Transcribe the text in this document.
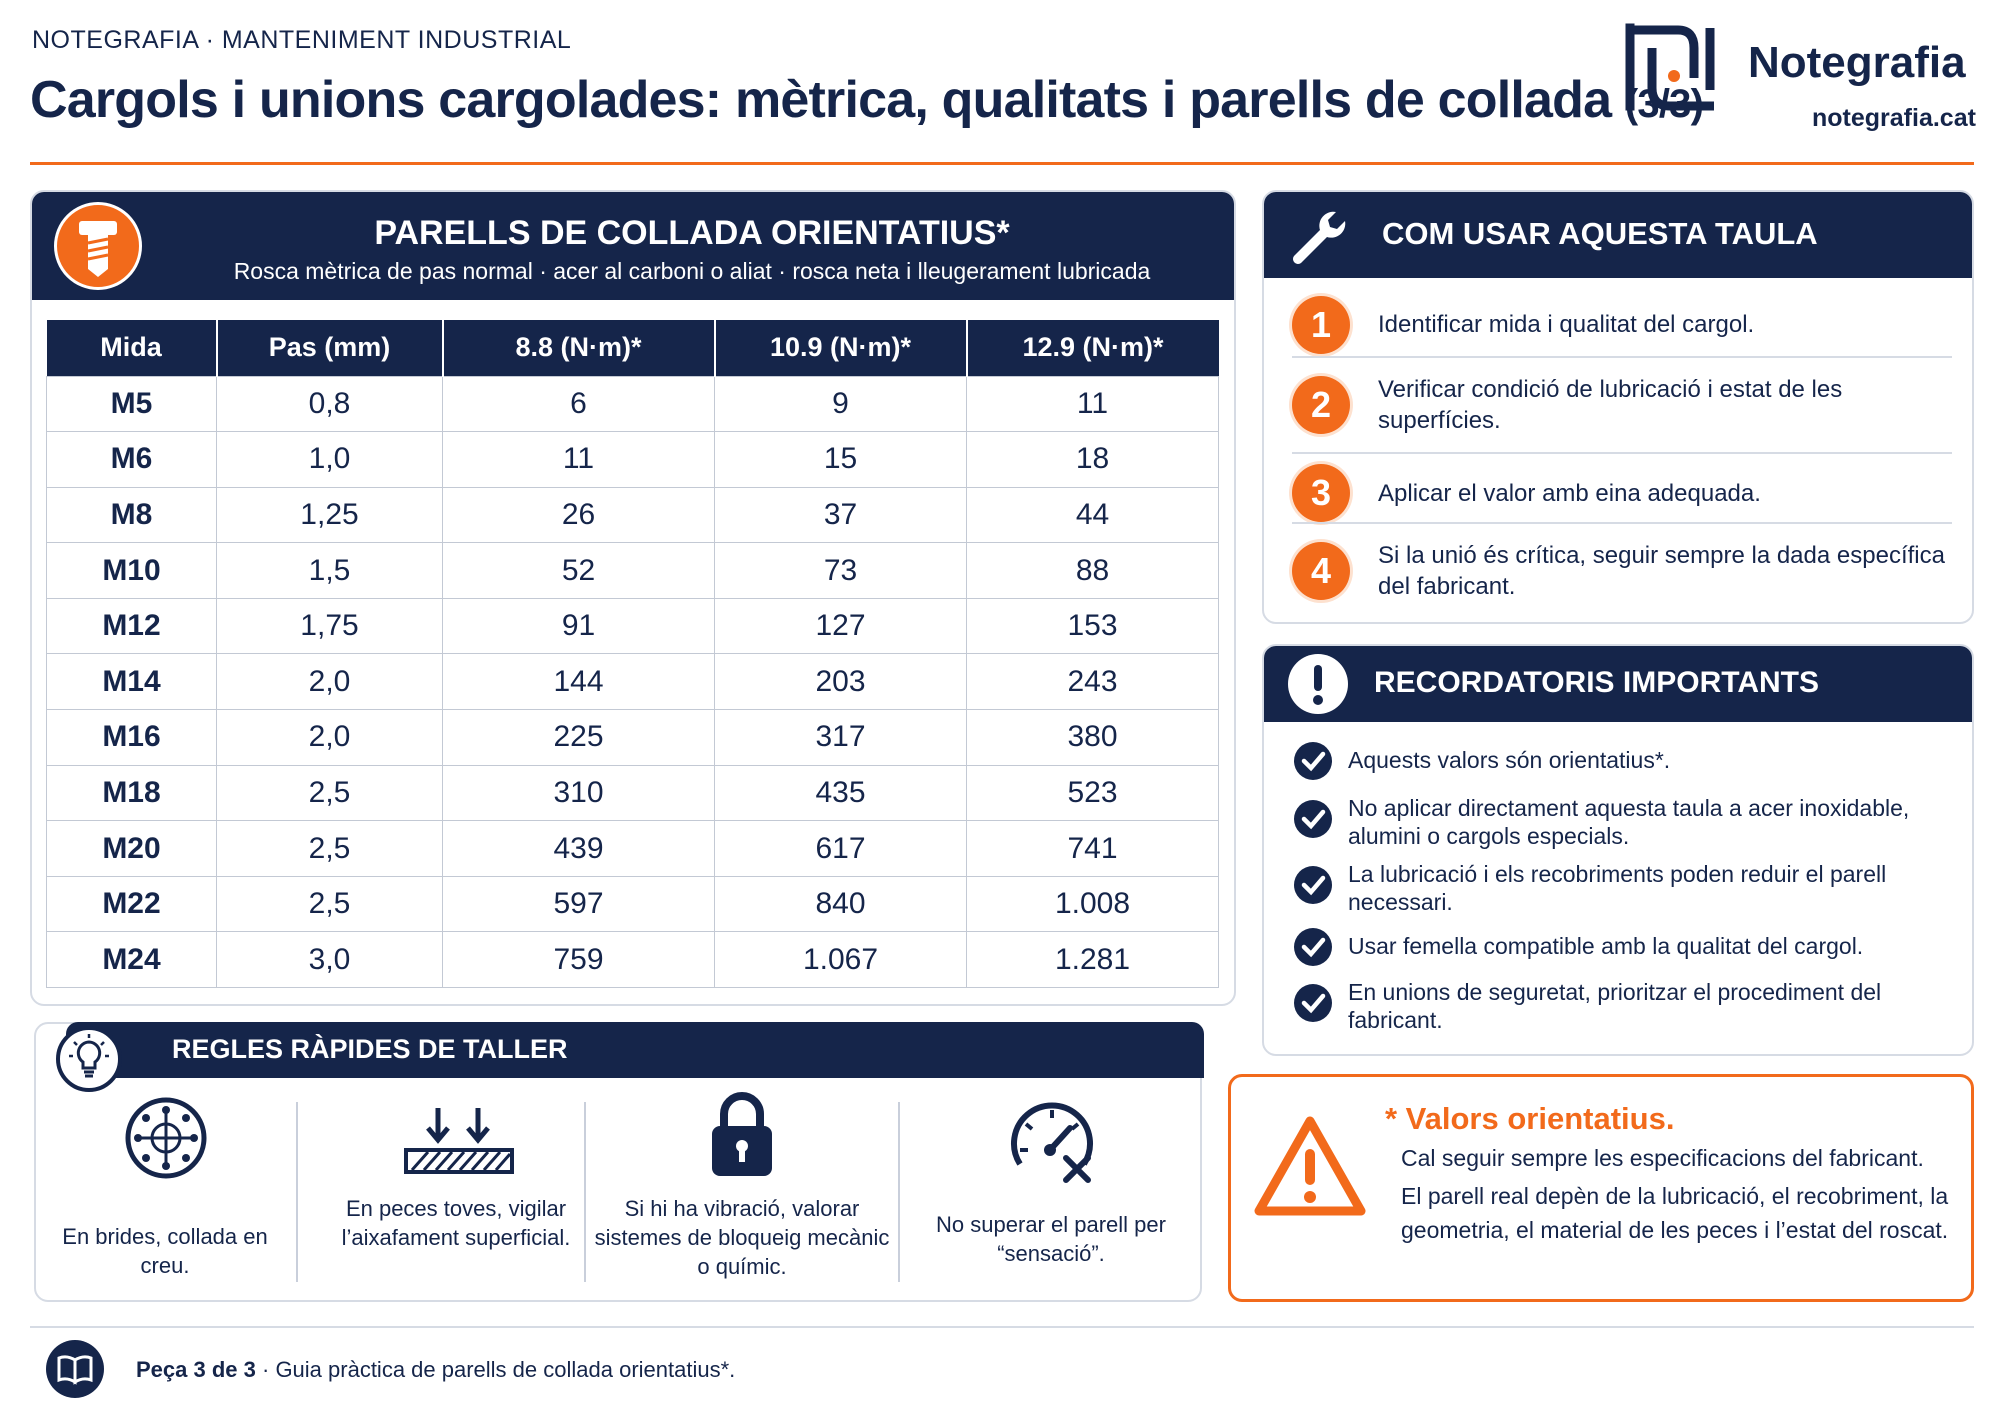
NOTEGRAFIA · MANTENIMENT INDUSTRIAL
Cargols i unions cargolades: mètrica, qualitats i parells de collada (3/3)
Notegrafia
notegrafia.cat
PARELLS DE COLLADA ORIENTATIUS*
Rosca mètrica de pas normal · acer al carboni o aliat · rosca neta i lleugerament lubricada
Mida	Pas (mm)	8.8 (N·m)*	10.9 (N·m)*	12.9 (N·m)*
M5	0,8	6	9	11
M6	1,0	11	15	18
M8	1,25	26	37	44
M10	1,5	52	73	88
M12	1,75	91	127	153
M14	2,0	144	203	243
M16	2,0	225	317	380
M18	2,5	310	435	523
M20	2,5	439	617	741
M22	2,5	597	840	1.008
M24	3,0	759	1.067	1.281
COM USAR AQUESTA TAULA
1	Identificar mida i qualitat del cargol.
2	Verificar condició de lubricació i estat de les superfícies.
3	Aplicar el valor amb eina adequada.
4	Si la unió és crítica, seguir sempre la dada específica del fabricant.
RECORDATORIS IMPORTANTS
Aquests valors són orientatius*.
No aplicar directament aquesta taula a acer inoxidable, alumini o cargols especials.
La lubricació i els recobriments poden reduir el parell necessari.
Usar femella compatible amb la qualitat del cargol.
En unions de seguretat, prioritzar el procediment del fabricant.
* Valors orientatius.
Cal seguir sempre les especificacions del fabricant.
El parell real depèn de la lubricació, el recobriment, la geometria, el material de les peces i l’estat del roscat.
REGLES RÀPIDES DE TALLER
En brides, collada en creu.
En peces toves, vigilar l’aixafament superficial.
Si hi ha vibració, valorar sistemes de bloqueig mecànic o químic.
No superar el parell per “sensació”.
Peça 3 de 3 · Guia pràctica de parells de collada orientatius*.
